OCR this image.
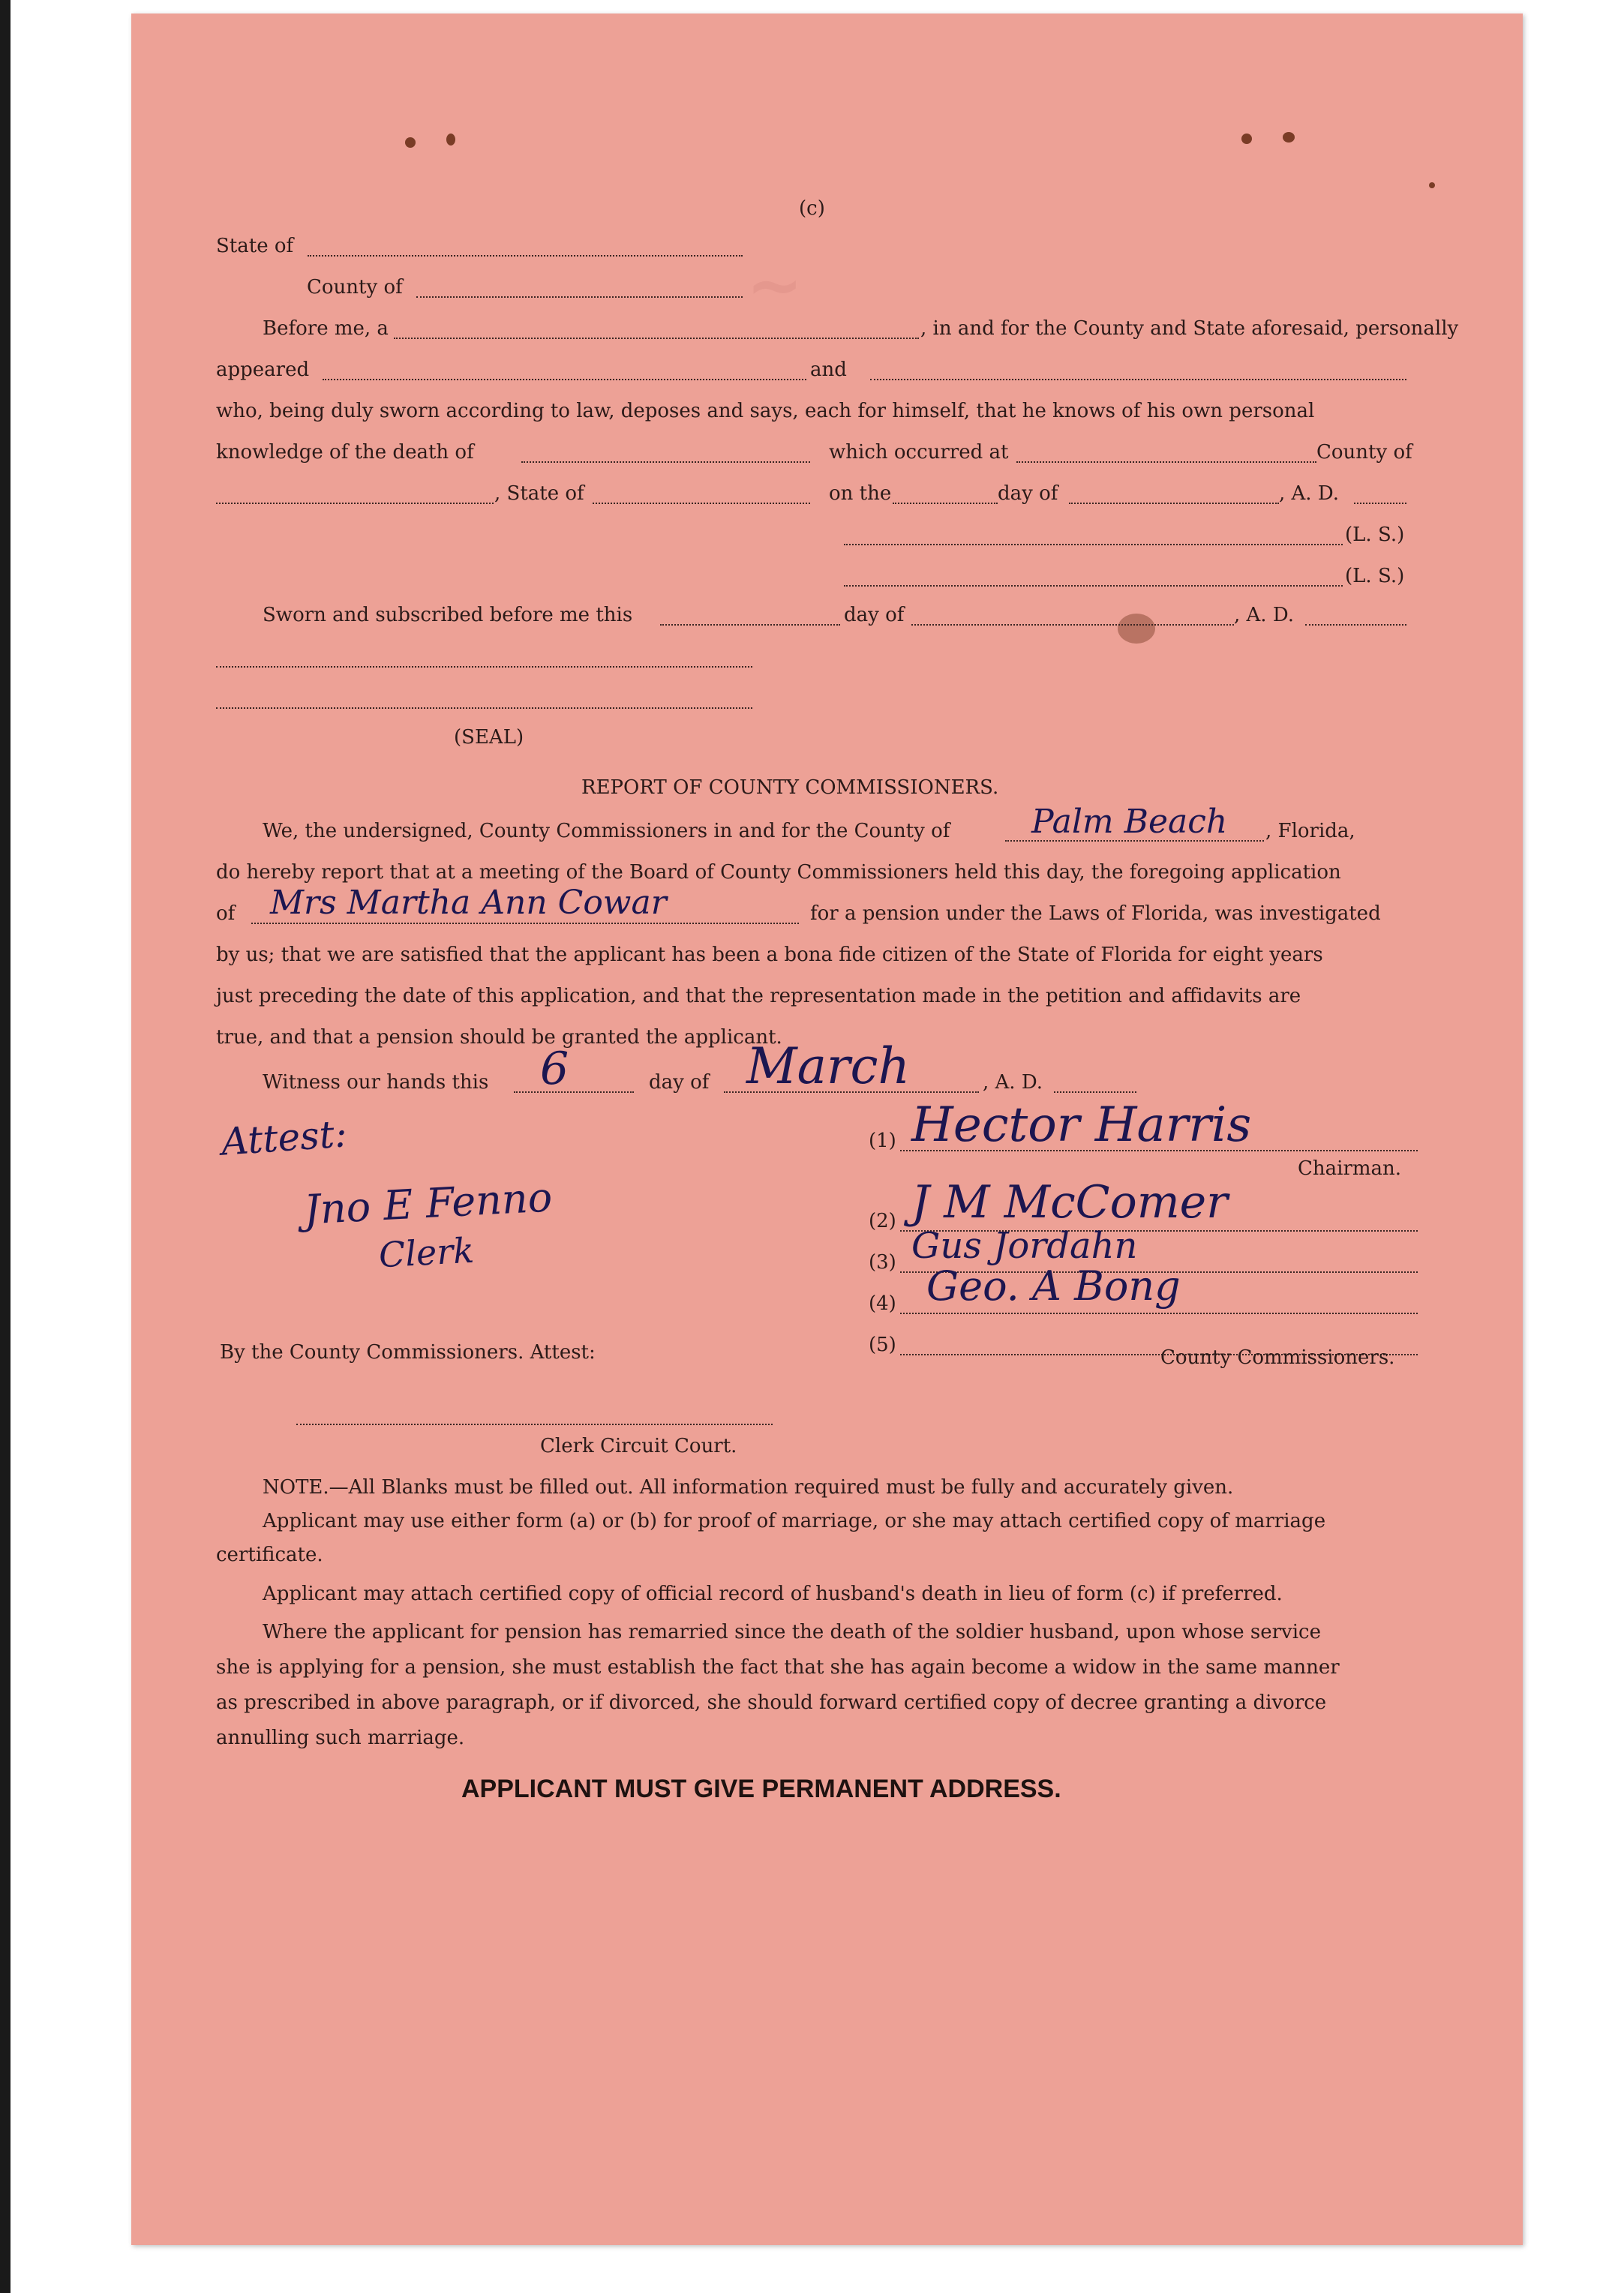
~
(c)
State of
County of
Before me, a	, in and for the County and State aforesaid, personally
appeared	and
who, being duly sworn according to law, deposes and says, each for himself, that he knows of his own personal
knowledge of the death of	which occurred at	County of
, State of	on the	day of	, A. D.
(L. S.)
(L. S.)
Sworn and subscribed before me this	day of	, A. D.
(SEAL)
REPORT OF COUNTY COMMISSIONERS.
We, the undersigned, County Commissioners in and for the County of Palm Beach , Florida,
do hereby report that at a meeting of the Board of County Commissioners held this day, the foregoing application
of Mrs Martha Ann Cowar	for a pension under the Laws of Florida, was investigated
by us; that we are satisfied that the applicant has been a bona fide citizen of the State of Florida for eight years
just preceding the date of this application, and that the representation made in the petition and affidavits are
true, and that a pension should be granted the applicant.
Witness our hands this 6	day of March	, A. D.
Attest:
Jno E Fenno
Clerk
(1) Hector Harris
Chairman.
(2) J M McComer
(3) Gus Jordahn
(4) Geo. A Bong
(5)
By the County Commissioners. Attest:	County Commissioners.
Clerk Circuit Court.
NOTE.—All Blanks must be filled out. All information required must be fully and accurately given.
Applicant may use either form (a) or (b) for proof of marriage, or she may attach certified copy of marriage
certificate.
Applicant may attach certified copy of official record of husband's death in lieu of form (c) if preferred.
Where the applicant for pension has remarried since the death of the soldier husband, upon whose service
she is applying for a pension, she must establish the fact that she has again become a widow in the same manner
as prescribed in above paragraph, or if divorced, she should forward certified copy of decree granting a divorce
annulling such marriage.
APPLICANT MUST GIVE PERMANENT ADDRESS.
